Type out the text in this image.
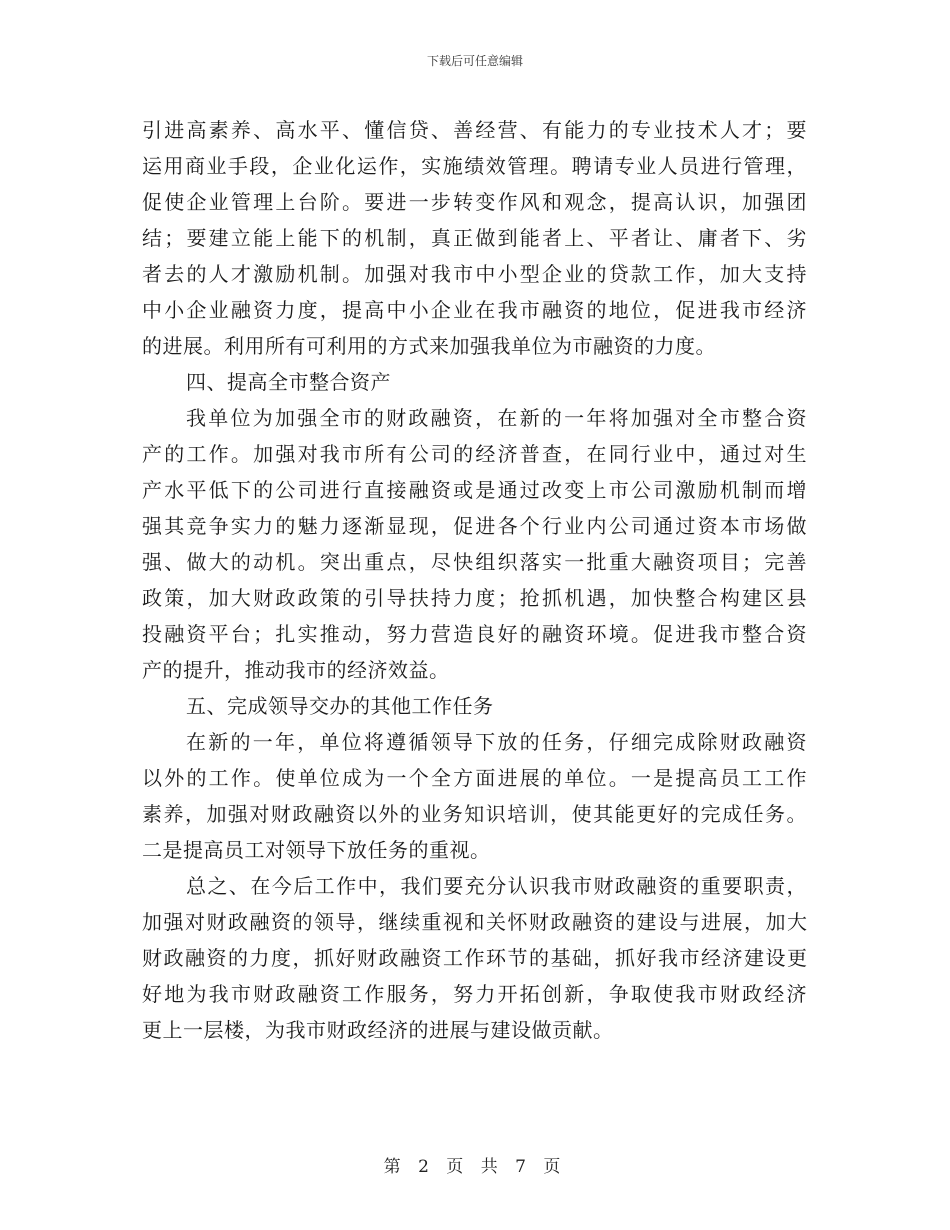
下载后可任意编辑
引进高素养、高水平、懂信贷、善经营、有能力的专业技术人才；要
运用商业手段，企业化运作，实施绩效管理。聘请专业人员进行管理，
促使企业管理上台阶。要进一步转变作风和观念，提高认识，加强团
结；要建立能上能下的机制，真正做到能者上、平者让、庸者下、劣
者去的人才激励机制。加强对我市中小型企业的贷款工作，加大支持
中小企业融资力度，提高中小企业在我市融资的地位，促进我市经济
的进展。利用所有可利用的方式来加强我单位为市融资的力度。
四、提高全市整合资产
我单位为加强全市的财政融资，在新的一年将加强对全市整合资
产的工作。加强对我市所有公司的经济普查，在同行业中，通过对生
产水平低下的公司进行直接融资或是通过改变上市公司激励机制而增
强其竞争实力的魅力逐渐显现，促进各个行业内公司通过资本市场做
强、做大的动机。突出重点，尽快组织落实一批重大融资项目；完善
政策，加大财政政策的引导扶持力度；抢抓机遇，加快整合构建区县
投融资平台；扎实推动，努力营造良好的融资环境。促进我市整合资
产的提升，推动我市的经济效益。
五、完成领导交办的其他工作任务
在新的一年，单位将遵循领导下放的任务，仔细完成除财政融资
以外的工作。使单位成为一个全方面进展的单位。一是提高员工工作
素养，加强对财政融资以外的业务知识培训，使其能更好的完成任务。
二是提高员工对领导下放任务的重视。
总之、在今后工作中，我们要充分认识我市财政融资的重要职责，
加强对财政融资的领导，继续重视和关怀财政融资的建设与进展，加大
财政融资的力度，抓好财政融资工作环节的基础，抓好我市经济建设更
好地为我市财政融资工作服务，努力开拓创新，争取使我市财政经济
更上一层楼，为我市财政经济的进展与建设做贡献。
第 2 页 共 7 页
